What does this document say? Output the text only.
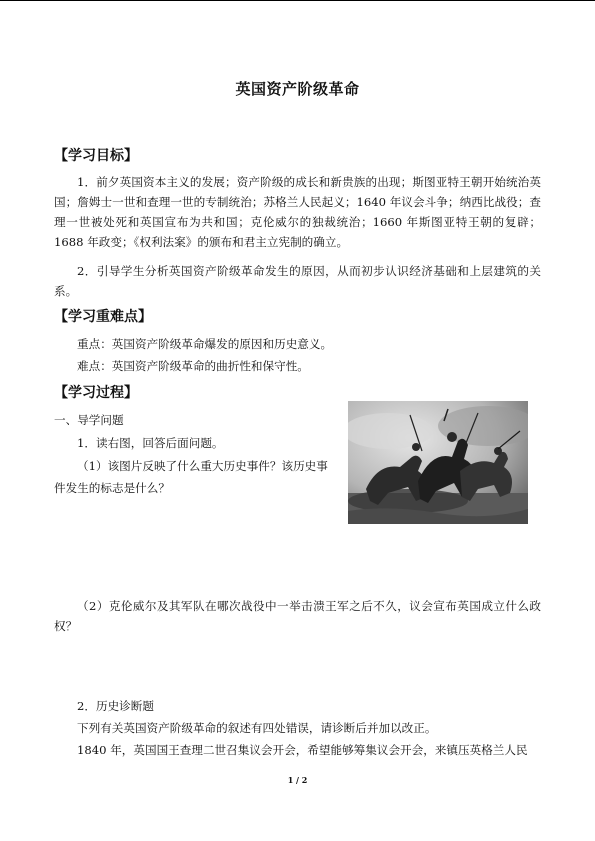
英国资产阶级革命
【学习目标】

1．前夕英国资本主义的发展；资产阶级的成长和新贵族的出现；斯图亚特王朝开始统治英国；詹姆士一世和查理一世的专制统治；苏格兰人民起义；1640 年议会斗争；纳西比战役；查理一世被处死和英国宣布为共和国；克伦威尔的独裁统治；1660 年斯图亚特王朝的复辟；1688 年政变；《权利法案》的颁布和君主立宪制的确立。

2．引导学生分析英国资产阶级革命发生的原因，从而初步认识经济基础和上层建筑的关系。

【学习重难点】
重点：英国资产阶级革命爆发的原因和历史意义。
难点：英国资产阶级革命的曲折性和保守性。
【学习过程】
一、导学问题
1．读右图，回答后面问题。
（1）该图片反映了什么重大历史事件？该历史事
件发生的标志是什么？

（2）克伦威尔及其军队在哪次战役中一举击溃王军之后不久，议会宣布英国成立什么政权？

2．历史诊断题
下列有关英国资产阶级革命的叙述有四处错误，请诊断后并加以改正。
1840 年，英国国王查理二世召集议会开会，希望能够筹集议会开会，来镇压英格兰人民
1 / 2
